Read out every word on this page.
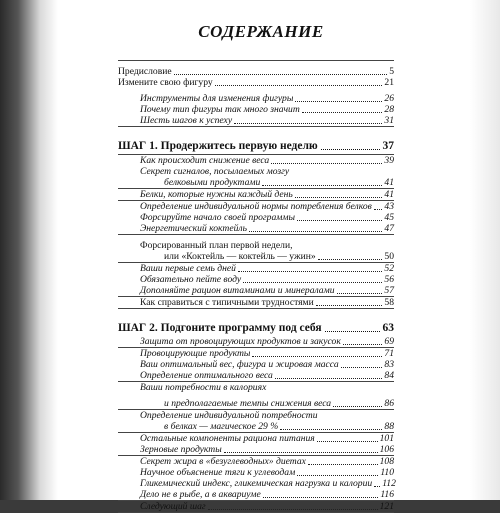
СОДЕРЖАНИЕ
Предисловие	5
Измените свою фигуру	21
Инструменты для изменения фигуры	26
Почему тип фигуры так много значит	28
Шесть шагов к успеху	31
ШАГ 1. Продержитесь первую неделю	37
Как происходит снижение веса	39
Секрет сигналов, посылаемых мозгу
белковыми продуктами	41
Белки, которые нужны каждый день	41
Определение индивидуальной нормы потребления белков 43
Форсируйте начало своей программы	45
Энергетический коктейль	47
Форсированный план первой недели,
или «Коктейль — коктейль — ужин»	50
Ваши первые семь дней	52
Обязательно пейте воду	56
Дополняйте рацион витаминами и минералами	57
Как справиться с типичными трудностями	58
ШАГ 2. Подгоните программу под себя	63
Защита от провоцирующих продуктов и закусок	69
Провоцирующие продукты	71
Ваш оптимальный вес, фигура и жировая масса	83
Определение оптимального веса	84
Ваши потребности в калориях
и предполагаемые темпы снижения веса	86
Определение индивидуальной потребности
в белках — магическое 29 %	88
Остальные компоненты рациона питания	101
Зерновые продукты	106
Секрет жира в «безуглеводных» диетах	108
Научное объяснение тяги к углеводам	110
Гликемический индекс, гликемическая нагрузка и калории 112
Дело не в рыбе, а в аквариуме	116
Следующий шаг	121
